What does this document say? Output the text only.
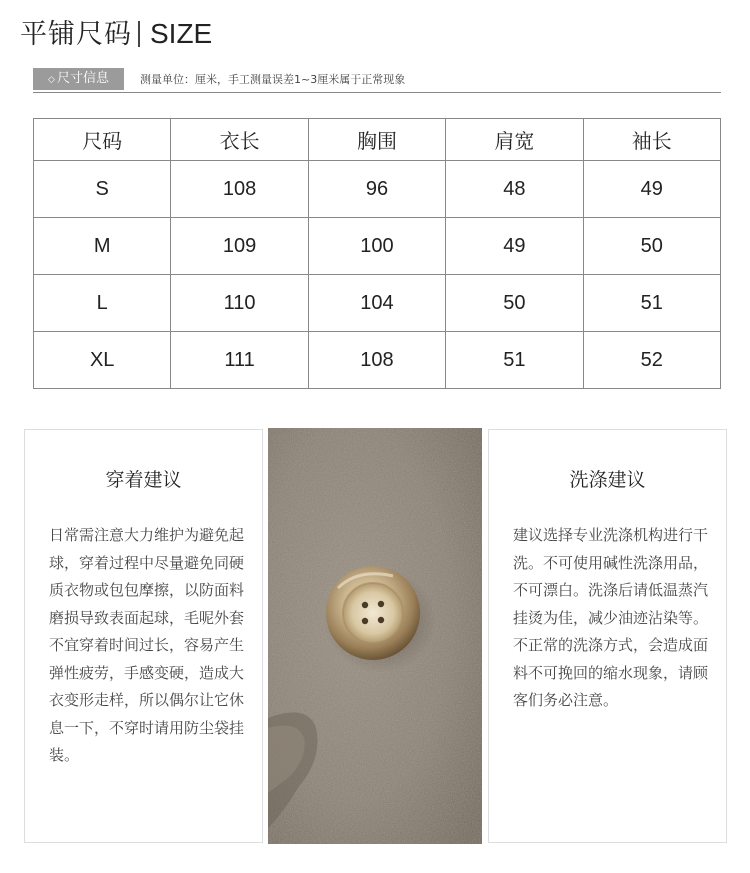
平铺尺码 SIZE
◇ 尺寸信息	测量单位：厘米，手工测量误差1~3厘米属于正常现象
尺码	衣长	胸围	肩宽	袖长
S	108	96	48	49
M	109	100	49	50
L	110	104	50	51
XL	111	108	51	52
穿着建议

日常需注意大力维护为避免起球，穿着过程中尽量避免同硬质衣物或包包摩擦，以防面料磨损导致表面起球，毛呢外套不宜穿着时间过长，容易产生弹性疲劳，手感变硬，造成大衣变形走样，所以偶尔让它休息一下，不穿时请用防尘袋挂装。

洗涤建议

建议选择专业洗涤机构进行干洗。不可使用碱性洗涤用品，不可漂白。洗涤后请低温蒸汽挂烫为佳，减少油迹沾染等。不正常的洗涤方式，会造成面料不可挽回的缩水现象，请顾客们务必注意。
